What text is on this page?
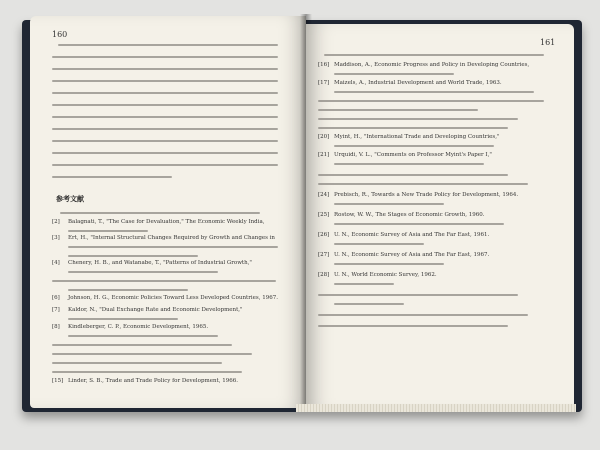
160
参考文献
[2] Balagnati, T., "The Case for Devaluation," The Economic Weekly India,
[3] Ert, H., "Internal Structural Changes Required by Growth and Changes in
[4] Chenery, H. B., and Watanabe, T., "Patterns of Industrial Growth,"
[6] Johnson, H. G., Economic Policies Toward Less Developed Countries, 1967.
[7] Kaldor, N., "Dual Exchange Rate and Economic Development,"
[8] Kindleberger, C. P., Economic Development, 1965.
[15] Linder, S. B., Trade and Trade Policy for Development, 1966.
161
[16] Maddison, A., Economic Progress and Policy in Developing Countries,
[17] Maizels, A., Industrial Development and World Trade, 1963.
[20] Myint, H., "International Trade and Developing Countries,"
[21] Urquidi, V. L., "Comments on Professor Myint's Paper I,"
[24] Prebisch, R., Towards a New Trade Policy for Development, 1964.
[25] Rostow, W. W., The Stages of Economic Growth, 1960.
[26] U. N., Economic Survey of Asia and The Far East, 1961.
[27] U. N., Economic Survey of Asia and The Far East, 1967.
[28] U. N., World Economic Survey, 1962.
